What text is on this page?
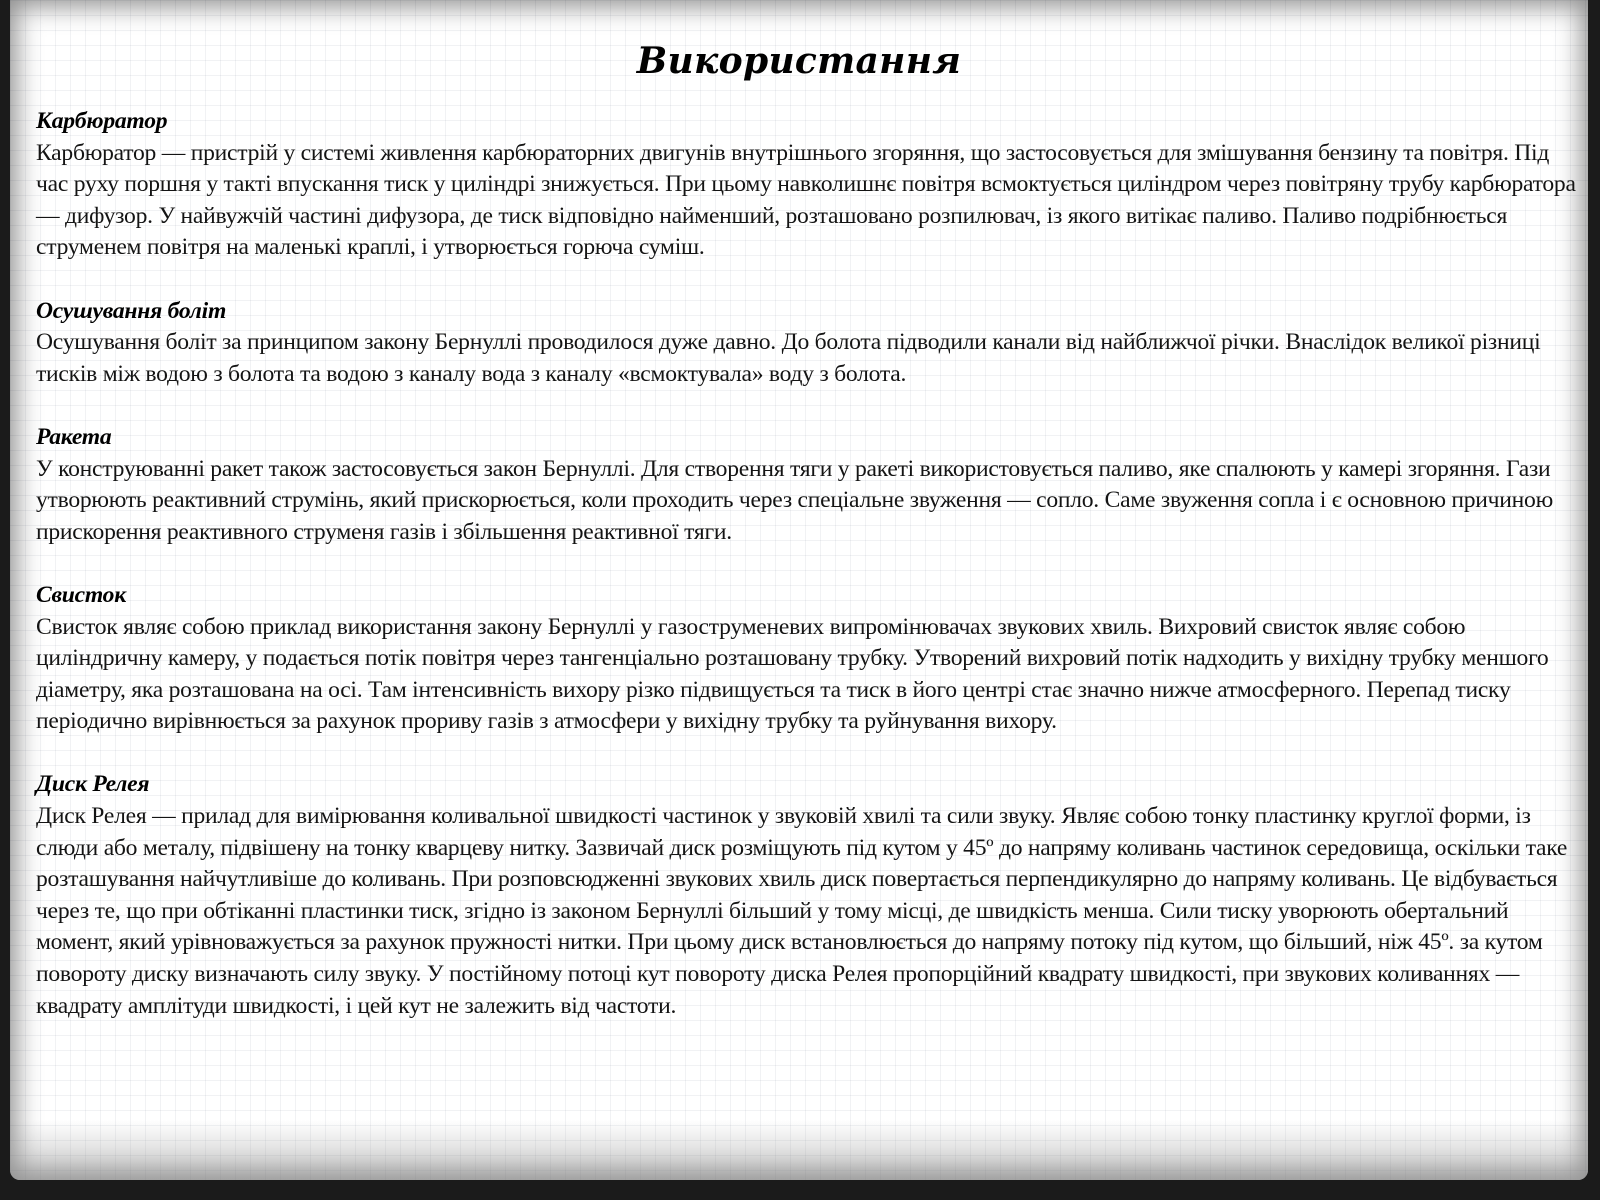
Використання

Карбюратор

Карбюратор — пристрій у системі живлення карбюраторних двигунів внутрішнього згоряння, що застосовується для змішування бензину та повітря. Під час руху поршня у такті впускання тиск у циліндрі знижується. При цьому навколишнє повітря всмоктується циліндром через повітряну трубу карбюратора — дифузор. У найвужчій частині дифузора, де тиск відповідно найменший, розташовано розпилювач, із якого витікає паливо. Паливо подрібнюється струменем повітря на маленькі краплі, і утворюється горюча суміш.

Осушування боліт

Осушування боліт за принципом закону Бернуллі проводилося дуже давно. До болота підводили канали від найближчої річки. Внаслідок великої різниці тисків між водою з болота та водою з каналу вода з каналу «всмоктувала» воду з болота.

Ракета

У конструюванні ракет також застосовується закон Бернуллі. Для створення тяги у ракеті використовується паливо, яке спалюють у камері згоряння. Гази утворюють реактивний струмінь, який прискорюється, коли проходить через спеціальне звуження — сопло. Саме звуження сопла і є основною причиною прискорення реактивного струменя газів і збільшення реактивної тяги.

Свисток

Свисток являє собою приклад використання закону Бернуллі у газоструменевих випромінювачах звукових хвиль. Вихровий свисток являє собою циліндричну камеру, у подається потік повітря через тангенціально розташовану трубку. Утворений вихровий потік надходить у вихідну трубку меншого діаметру, яка розташована на осі. Там інтенсивність вихору різко підвищується та тиск в його центрі стає значно нижче атмосферного. Перепад тиску періодично вирівнюється за рахунок прориву газів з атмосфери у вихідну трубку та руйнування вихору.

Диск Релея

Диск Релея — прилад для вимірювання коливальної швидкості частинок у звуковій хвилі та сили звуку. Являє собою тонку пластинку круглої форми, із слюди або металу, підвішену на тонку кварцеву нитку. Зазвичай диск розміщують під кутом у 45º до напряму коливань частинок середовища, оскільки таке розташування найчутливіше до коливань. При розповсюдженні звукових хвиль диск повертається перпендикулярно до напряму коливань. Це відбувається через те, що при обтіканні пластинки тиск, згідно із законом Бернуллі більший у тому місці, де швидкість менша. Сили тиску уворюють обертальний момент, який урівноважується за рахунок пружності нитки. При цьому диск встановлюється до напряму потоку під кутом, що більший, ніж 45º. за кутом повороту диску визначають силу звуку. У постійному потоці кут повороту диска Релея пропорційний квадрату швидкості, при звукових коливаннях — квадрату амплітуди швидкості, і цей кут не залежить від частоти.
